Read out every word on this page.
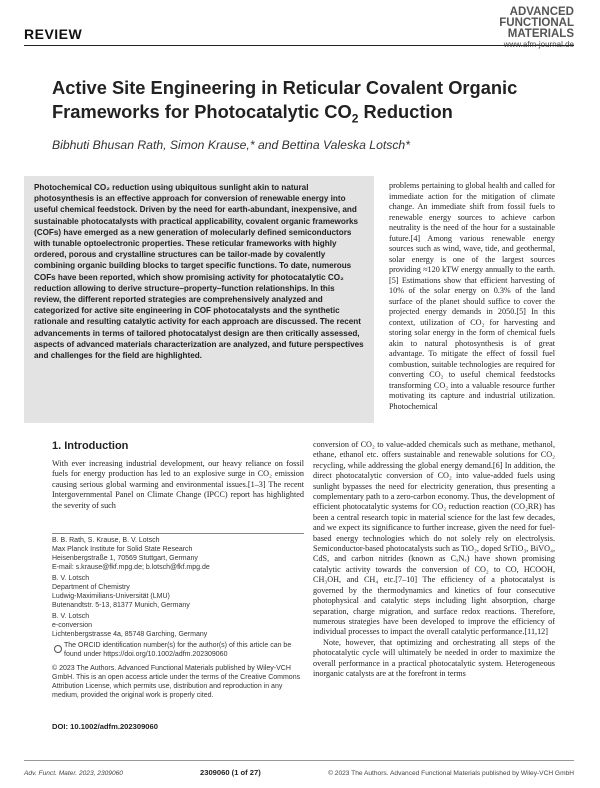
REVIEW
ADVANCED
FUNCTIONAL
MATERIALS
www.afm-journal.de
Active Site Engineering in Reticular Covalent Organic Frameworks for Photocatalytic $CO_2$ Reduction
Bibhuti Bhusan Rath, Simon Krause,* and Bettina Valeska Lotsch*
Photochemical CO₂ reduction using ubiquitous sunlight akin to natural photosynthesis is an effective approach for conversion of renewable energy into useful chemical feedstock. Driven by the need for earth-abundant, inexpensive, and sustainable photocatalysts with practical applicability, covalent organic frameworks (COFs) have emerged as a new generation of molecularly defined semiconductors with tunable optoelectronic properties. These reticular frameworks with highly ordered, porous and crystalline structures can be tailor-made by covalently combining organic building blocks to target specific functions. To date, numerous COFs have been reported, which show promising activity for photocatalytic CO₂ reduction allowing to derive structure–property–function relationships. In this review, the different reported strategies are comprehensively analyzed and categorized for active site engineering in COF photocatalysts and the synthetic rationale and resulting catalytic activity for each approach are discussed. The recent advancements in terms of tailored photocatalyst design are then critically assessed, aspects of advanced materials characterization are analyzed, and future perspectives and challenges for the field are highlighted.
1. Introduction
With ever increasing industrial development, our heavy reliance on fossil fuels for energy production has led to an explosive surge in CO₂ emission causing serious global warming and environmental issues.[1–3] The recent Intergovernmental Panel on Climate Change (IPCC) report has highlighted the severity of such
B. B. Rath, S. Krause, B. V. Lotsch
Max Planck Institute for Solid State Research
Heisenbergstraße 1, 70569 Stuttgart, Germany
E-mail: s.krause@fkf.mpg.de; b.lotsch@fkf.mpg.de
B. V. Lotsch
Department of Chemistry
Ludwig-Maximilians-Universität (LMU)
Butenandtstr. 5-13, 81377 Munich, Germany
B. V. Lotsch
e-conversion
Lichtenbergstrasse 4a, 85748 Garching, Germany
The ORCID identification number(s) for the author(s) of this article can be found under https://doi.org/10.1002/adfm.202309060
© 2023 The Authors. Advanced Functional Materials published by Wiley-VCH GmbH. This is an open access article under the terms of the Creative Commons Attribution License, which permits use, distribution and reproduction in any medium, provided the original work is properly cited.
DOI: 10.1002/adfm.202309060

problems pertaining to global health and called for immediate action for the mitigation of climate change. An immediate shift from fossil fuels to renewable energy sources to achieve carbon neutrality is the need of the hour for a sustainable future.[4] Among various renewable energy sources such as wind, wave, tide, and geothermal, solar energy is one of the largest sources providing ≈120 kTW energy annually to the earth.[5] Estimations show that efficient harvesting of 10% of the solar energy on 0.3% of the land surface of the planet should suffice to cover the projected energy demands in 2050.[5] In this context, utilization of CO₂ for harvesting and storing solar energy in the form of chemical fuels akin to natural photosynthesis is of great advantage. To mitigate the effect of fossil fuel combustion, suitable technologies are required for converting CO₂ to useful chemical feedstocks transforming CO₂ into a valuable resource further motivating its capture and industrial utilization. Photochemical

conversion of CO₂ to value-added chemicals such as methane, methanol, ethane, ethanol etc. offers sustainable and renewable solutions for CO₂ recycling, while addressing the global energy demand.[6] In addition, the direct photocatalytic conversion of CO₂ into value-added fuels using sunlight bypasses the need for electricity generation, thus presenting a complementary path to a zero-carbon economy. Thus, the development of efficient photocatalytic systems for CO₂ reduction reaction (CO₂RR) has been a central research topic in material science for the last few decades, and we expect its significance to further increase, given the need for fuel-based energy technologies which do not solely rely on electrolysis. Semiconductor-based photocatalysts such as TiO₂, doped SrTiO₃, BiVO₄, CdS, and carbon nitrides (known as CₓNₓ) have shown promising catalytic activity towards the conversion of CO₂ to CO, HCOOH, CH₃OH, and CH₄ etc.[7–10] The efficiency of a photocatalyst is governed by the thermodynamics and kinetics of four consecutive photophysical and catalytic steps including light absorption, charge separation, charge migration, and surface redox reactions. Therefore, numerous strategies have been developed to improve the efficiency of individual processes to impact the overall catalytic performance.[11,12]

Note, however, that optimizing and orchestrating all steps of the photocatalytic cycle will ultimately be needed in order to maximize the overall performance in a practical photocatalytic system. Heterogeneous inorganic catalysts are at the forefront in terms

Adv. Funct. Mater. 2023, 2309060	2309060 (1 of 27)	© 2023 The Authors. Advanced Functional Materials published by Wiley-VCH GmbH
